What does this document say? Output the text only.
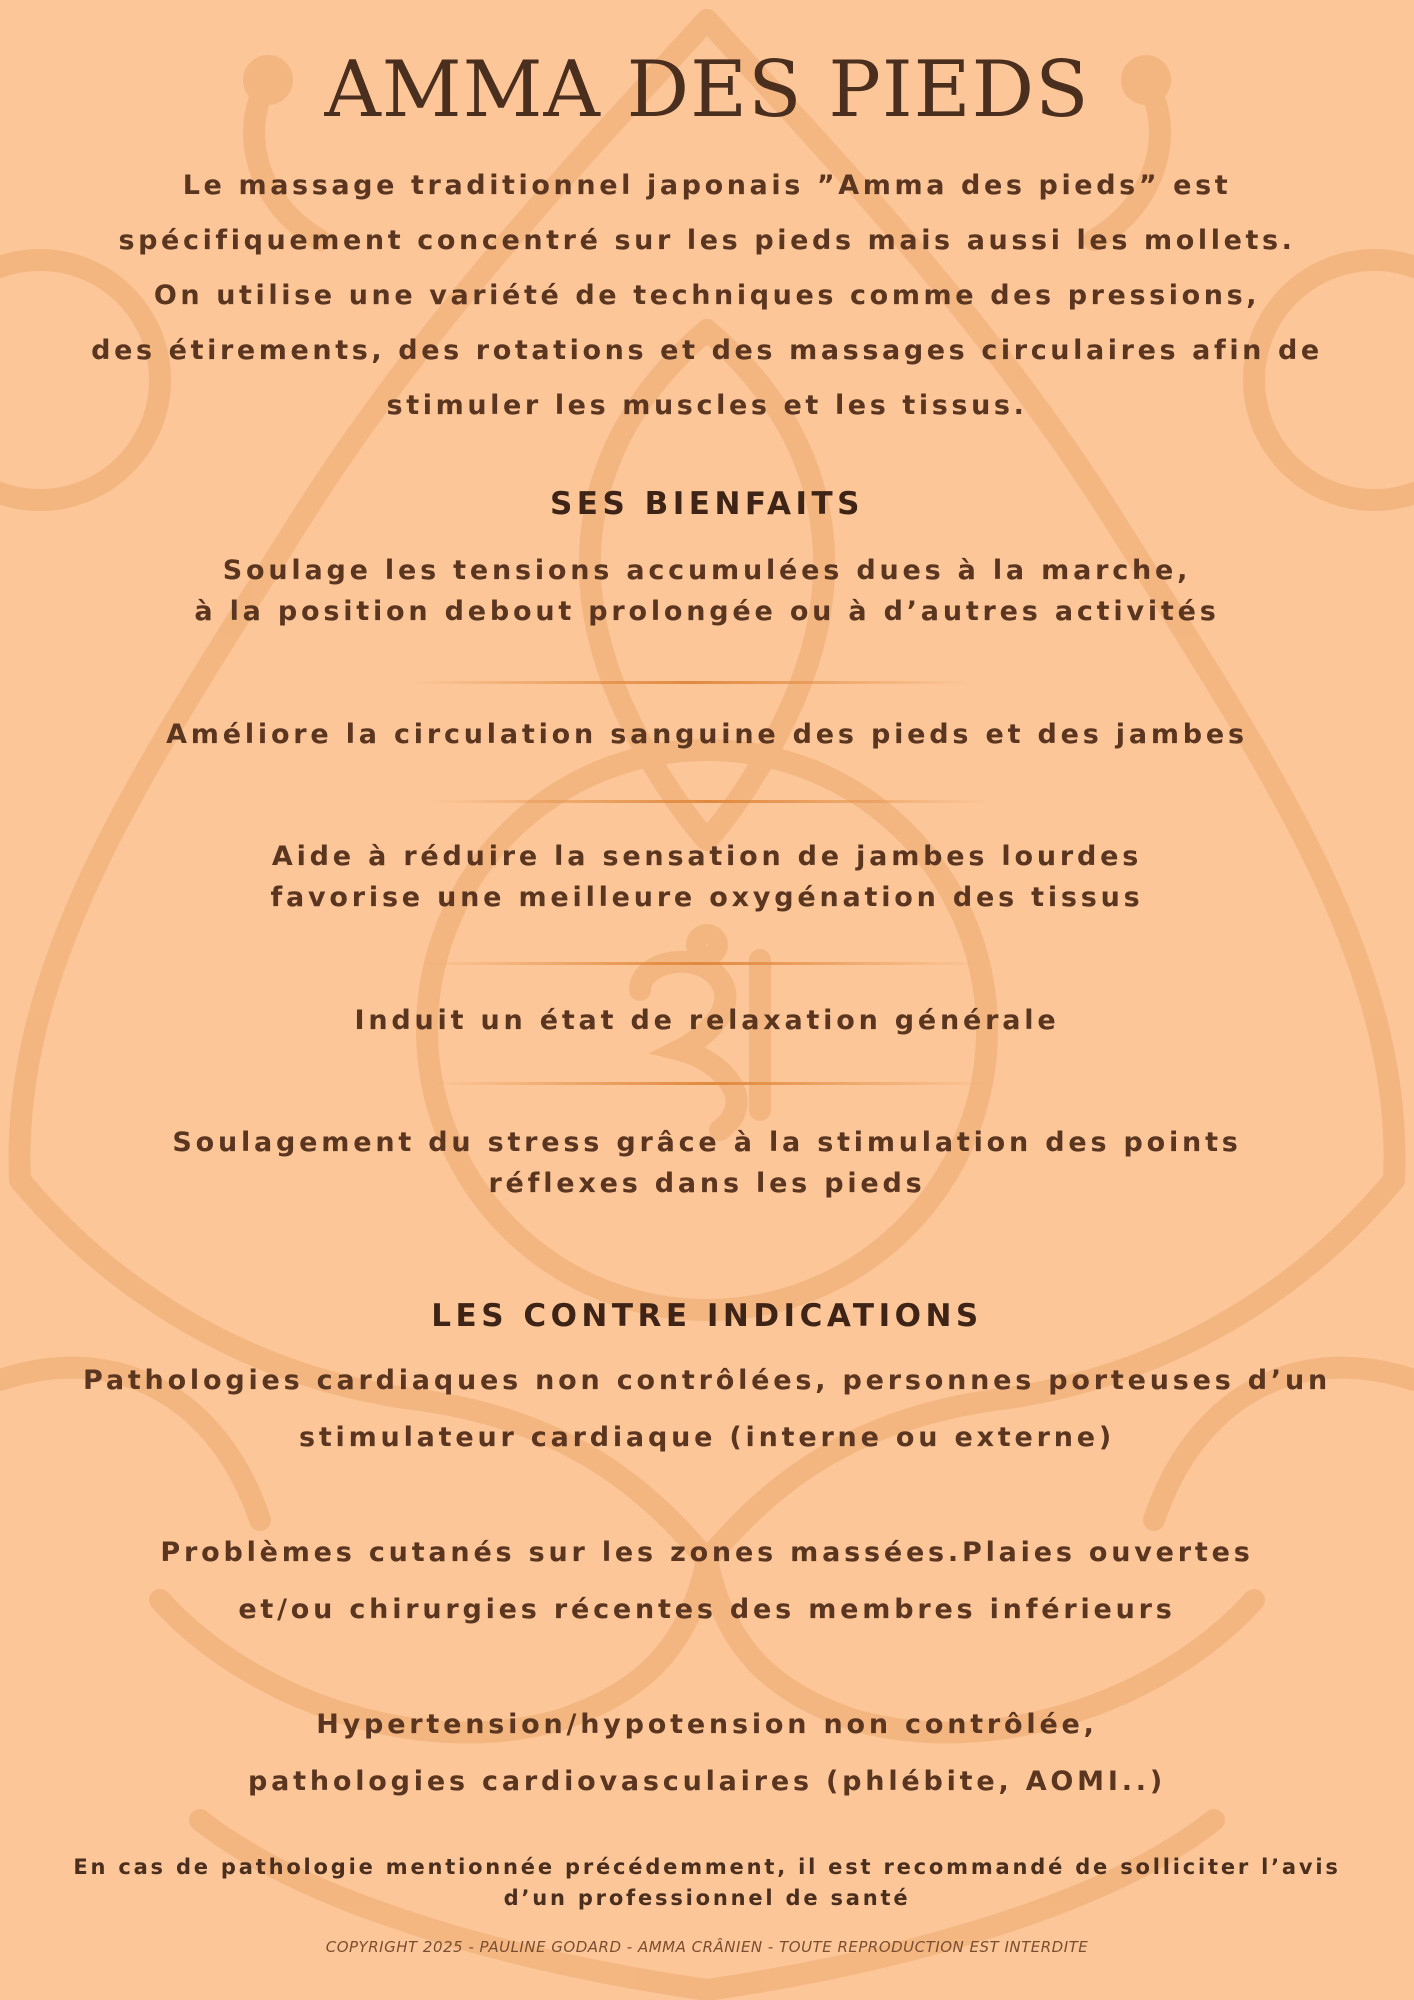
AMMA DES PIEDS
Le massage traditionnel japonais ”Amma des pieds” est
spécifiquement concentré sur les pieds mais aussi les mollets.
On utilise une variété de techniques comme des pressions,
des étirements, des rotations et des massages circulaires afin de
stimuler les muscles et les tissus.
SES BIENFAITS
Soulage les tensions accumulées dues à la marche,
à la position debout prolongée ou à d’autres activités
Améliore la circulation sanguine des pieds et des jambes
Aide à réduire la sensation de jambes lourdes
favorise une meilleure oxygénation des tissus
Induit un état de relaxation générale
Soulagement du stress grâce à la stimulation des points
réflexes dans les pieds
LES CONTRE INDICATIONS
Pathologies cardiaques non contrôlées, personnes porteuses d’un
stimulateur cardiaque (interne ou externe)
Problèmes cutanés sur les zones massées.Plaies ouvertes
et/ou chirurgies récentes des membres inférieurs
Hypertension/hypotension non contrôlée,
pathologies cardiovasculaires (phlébite, AOMI..)
En cas de pathologie mentionnée précédemment, il est recommandé de solliciter l’avis
d’un professionnel de santé
COPYRIGHT 2025 - PAULINE GODARD - AMMA CRÂNIEN - TOUTE REPRODUCTION EST INTERDITE
